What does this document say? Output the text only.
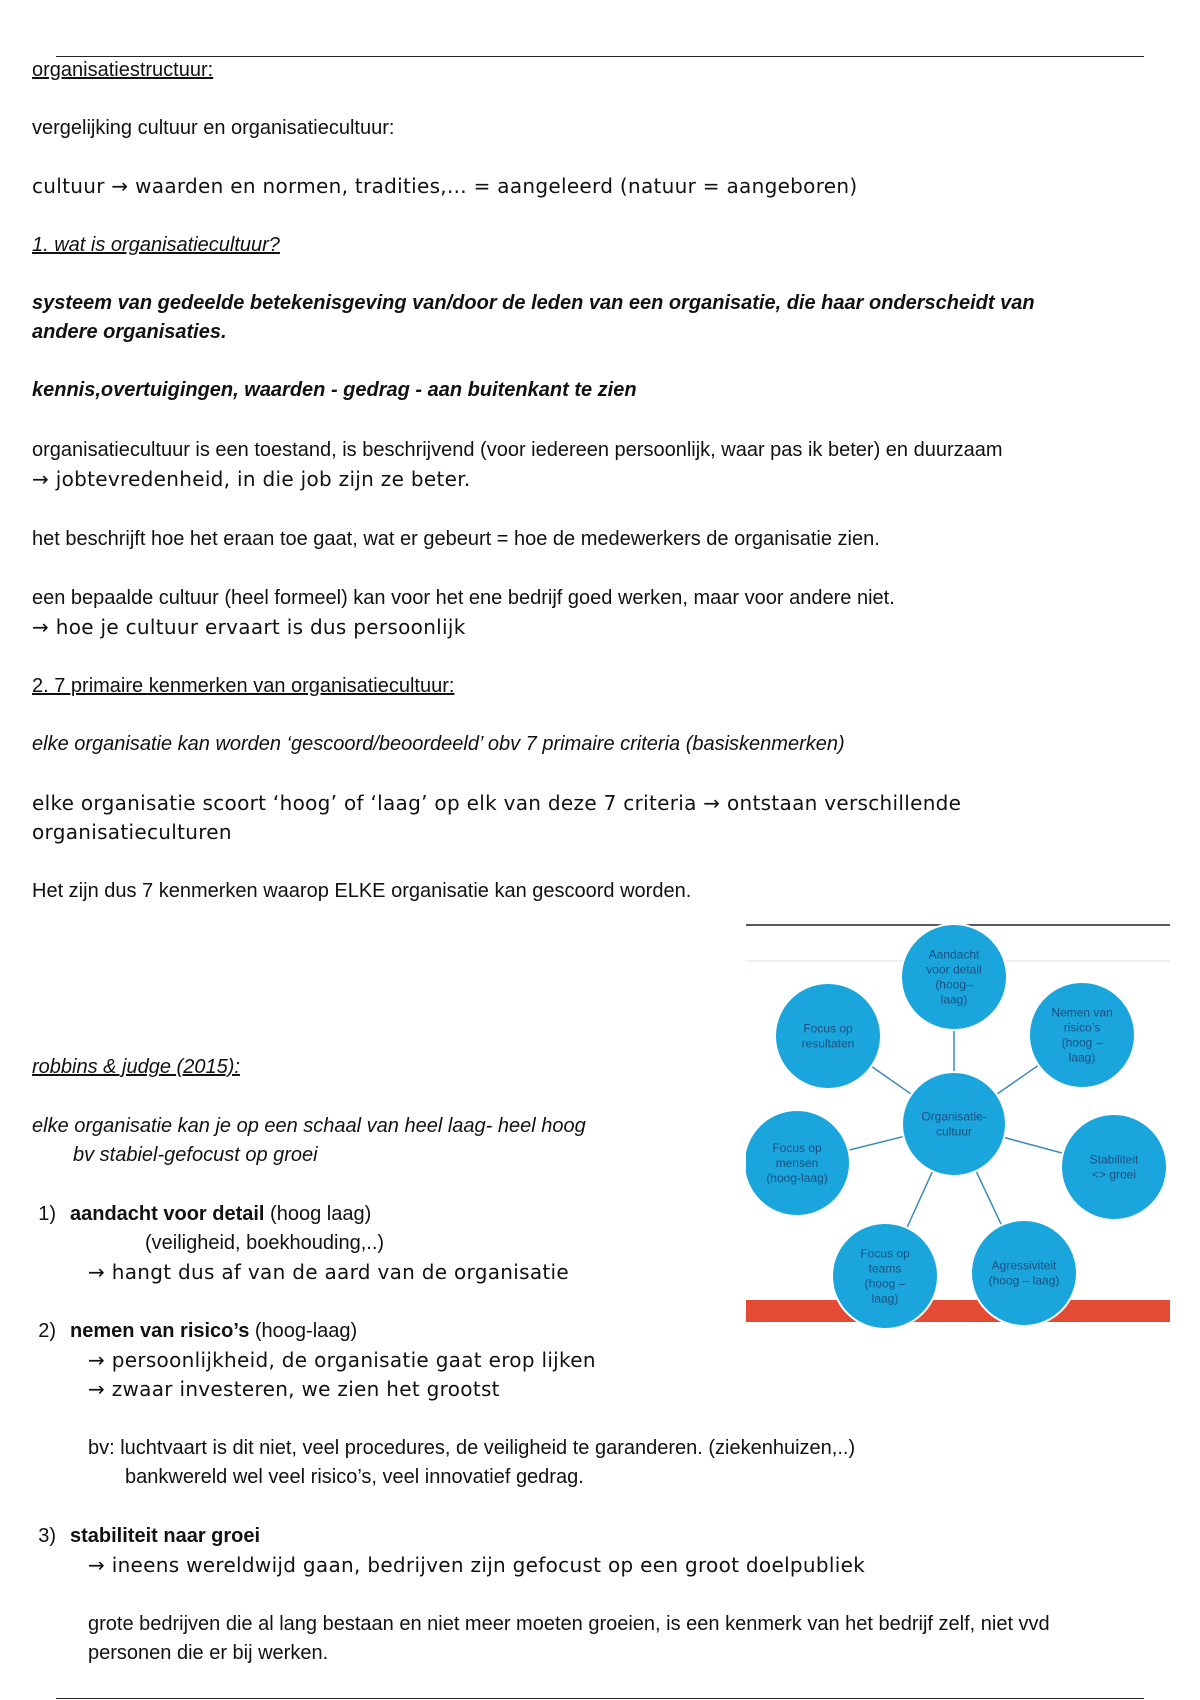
organisatiestructuur:
vergelijking cultuur en organisatiecultuur:
cultuur → waarden en normen, tradities,... = aangeleerd (natuur = aangeboren)
1. wat is organisatiecultuur?
systeem van gedeelde betekenisgeving van/door de leden van een organisatie, die haar onderscheidt van
andere organisaties.
kennis,overtuigingen, waarden - gedrag - aan buitenkant te zien
organisatiecultuur is een toestand, is beschrijvend (voor iedereen persoonlijk, waar pas ik beter) en duurzaam
→ jobtevredenheid, in die job zijn ze beter.
het beschrijft hoe het eraan toe gaat, wat er gebeurt = hoe de medewerkers de organisatie zien.
een bepaalde cultuur (heel formeel) kan voor het ene bedrijf goed werken, maar voor andere niet.
→ hoe je cultuur ervaart is dus persoonlijk
2. 7 primaire kenmerken van organisatiecultuur:
elke organisatie kan worden ‘gescoord/beoordeeld’ obv 7 primaire criteria (basiskenmerken)
elke organisatie scoort ‘hoog’ of ‘laag’ op elk van deze 7 criteria → ontstaan verschillende
organisatieculturen
Het zijn dus 7 kenmerken waarop ELKE organisatie kan gescoord worden.
robbins & judge (2015):
elke organisatie kan je op een schaal van heel laag- heel hoog
bv stabiel-gefocust op groei
1) aandacht voor detail (hoog laag)
(veiligheid, boekhouding,..)
→ hangt dus af van de aard van de organisatie
2) nemen van risico’s (hoog-laag)
→ persoonlijkheid, de organisatie gaat erop lijken
→ zwaar investeren, we zien het grootst
bv: luchtvaart is dit niet, veel procedures, de veiligheid te garanderen. (ziekenhuizen,..)
bankwereld wel veel risico’s, veel innovatief gedrag.
3) stabiliteit naar groei
→ ineens wereldwijd gaan, bedrijven zijn gefocust op een groot doelpubliek
grote bedrijven die al lang bestaan en niet meer moeten groeien, is een kenmerk van het bedrijf zelf, niet vvd
personen die er bij werken.
Aandacht
voor detail
(hoog–
laag)
Nemen van
risico’s
(hoog –
laag)
Stabiliteit
<> groei
Agressiviteit
(hoog – laag)
Focus op
teams
(hoog –
laag)
Focus op
mensen
(hoog-laag)
Focus op
resultaten
Organisatie-
cultuur
